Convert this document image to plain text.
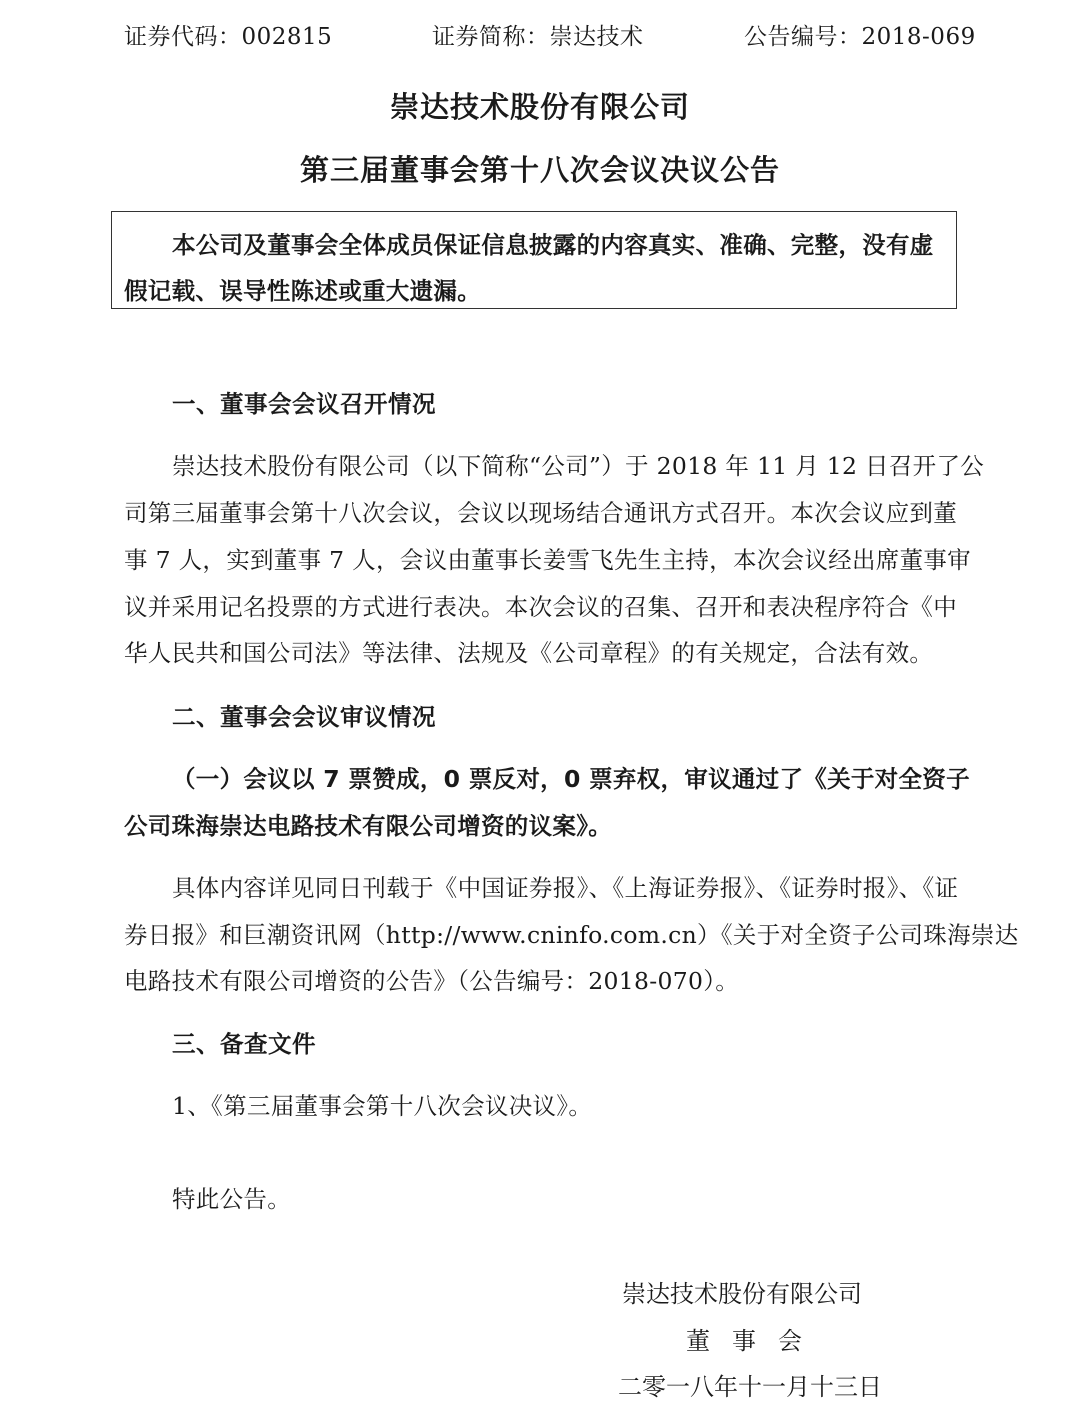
证券代码：002815	证券简称：崇达技术	公告编号：2018-069
崇达技术股份有限公司
第三届董事会第十八次会议决议公告
本公司及董事会全体成员保证信息披露的内容真实、准确、完整，没有虚
假记载、误导性陈述或重大遗漏。
一、董事会会议召开情况
崇达技术股份有限公司（以下简称“公司”）于 2018 年 11 月 12 日召开了公
司第三届董事会第十八次会议，会议以现场结合通讯方式召开。本次会议应到董
事 7 人，实到董事 7 人，会议由董事长姜雪飞先生主持，本次会议经出席董事审
议并采用记名投票的方式进行表决。本次会议的召集、召开和表决程序符合《中
华人民共和国公司法》等法律、法规及《公司章程》的有关规定，合法有效。
二、董事会会议审议情况
（一）会议以 7 票赞成，0 票反对，0 票弃权，审议通过了《关于对全资子
公司珠海崇达电路技术有限公司增资的议案》。
具体内容详见同日刊载于《中国证券报》、《上海证券报》、《证券时报》、《证
券日报》和巨潮资讯网（http://www.cninfo.com.cn）《关于对全资子公司珠海崇达
电路技术有限公司增资的公告》（公告编号：2018-070）。
三、备查文件
1、《第三届董事会第十八次会议决议》。
特此公告。
崇达技术股份有限公司
董事会
二零一八年十一月十三日
